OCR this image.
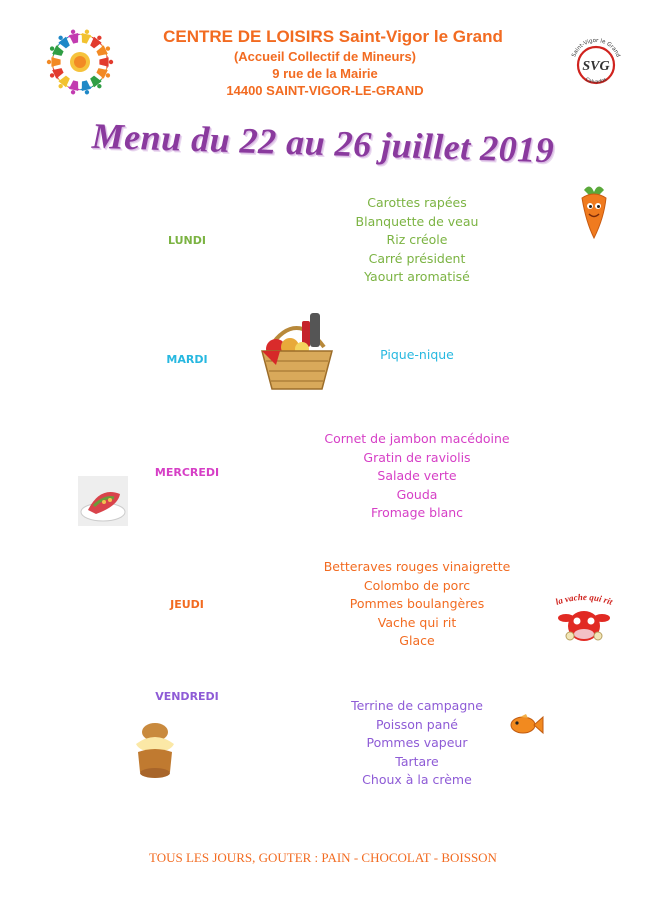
Saint-Vigor le Grand
Calvados
SVG
CENTRE DE LOISIRS Saint-Vigor le Grand
(Accueil Collectif de Mineurs)
9 rue de la Mairie
14400 SAINT-VIGOR-LE-GRAND
Menu du 22 au 26 juillet 2019
LUNDI
MARDI
MERCREDI
JEUDI
VENDREDI
Carottes rapées
Blanquette de veau
Riz créole
Carré président
Yaourt aromatisé
Pique-nique
Cornet de jambon macédoine
Gratin de raviolis
Salade verte
Gouda
Fromage blanc
Betteraves rouges vinaigrette
Colombo de porc
Pommes boulangères
Vache qui rit
Glace
Terrine de campagne
Poisson pané
Pommes vapeur
Tartare
Choux à la crème
la vache qui rit
TOUS LES JOURS, GOUTER : PAIN - CHOCOLAT - BOISSON
